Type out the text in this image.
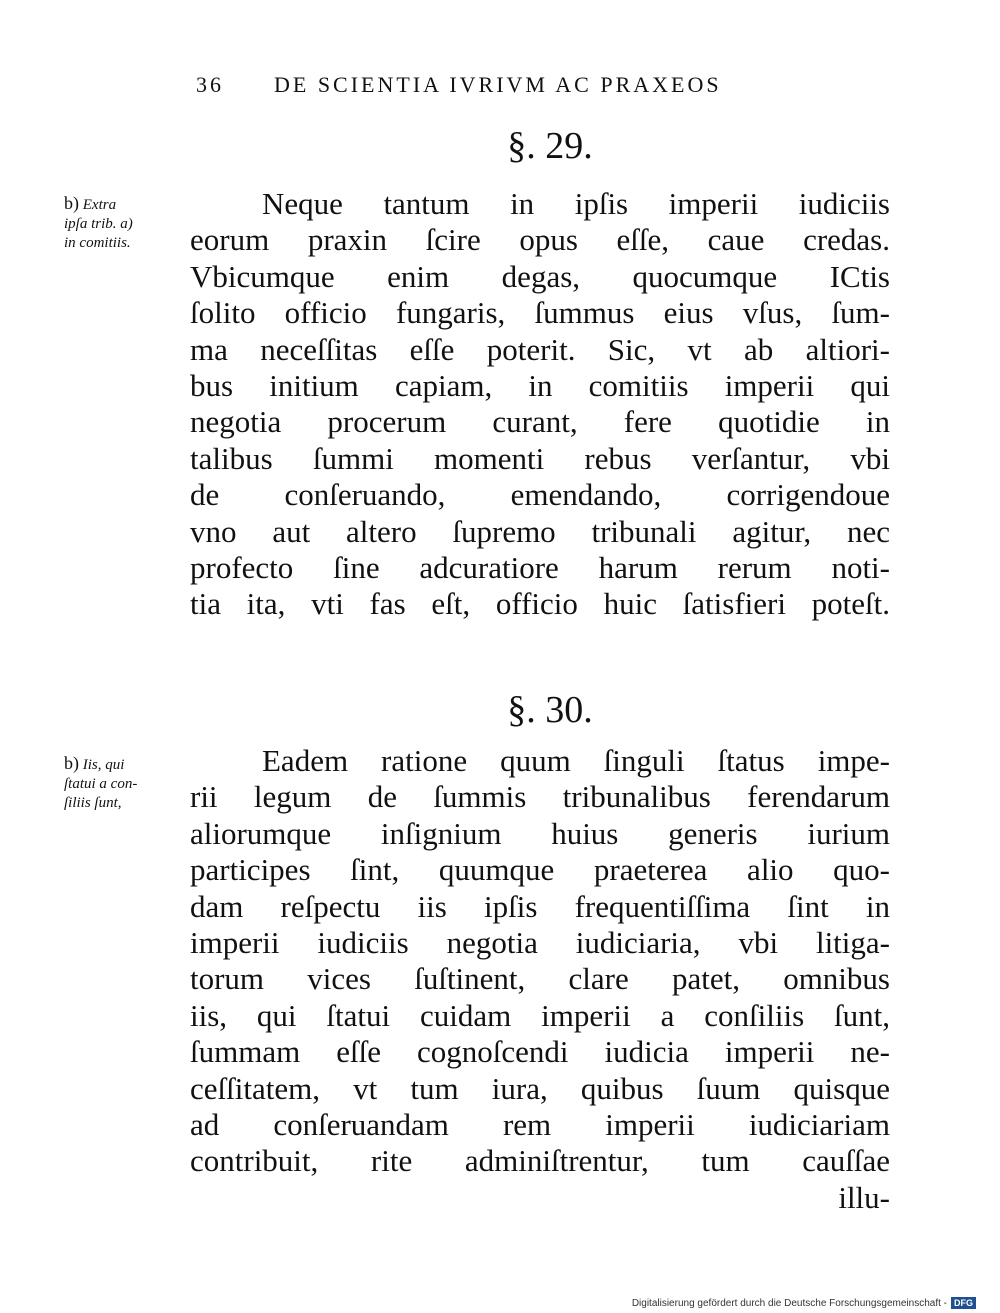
36 DE SCIENTIA IVRIVM AC PRAXEOS
§. 29.
b) Extra
ipſa trib. a)
in comitiis.
Neque tantum in ipſis imperii iudiciis
eorum praxin ſcire opus eſſe, caue credas.
Vbicumque enim degas, quocumque ICtis
ſolito officio fungaris, ſummus eius vſus, ſum-
ma neceſſitas eſſe poterit. Sic, vt ab altiori-
bus initium capiam, in comitiis imperii qui
negotia procerum curant, fere quotidie in
talibus ſummi momenti rebus verſantur, vbi
de conſeruando, emendando, corrigendoue
vno aut altero ſupremo tribunali agitur, nec
profecto ſine adcuratiore harum rerum noti-
tia ita, vti fas eſt, officio huic ſatisfieri poteſt.
§. 30.
b) Iis, qui
ſtatui a con-
ſiliis ſunt,
Eadem ratione quum ſinguli ſtatus impe-
rii legum de ſummis tribunalibus ferendarum
aliorumque inſignium huius generis iurium
participes ſint, quumque praeterea alio quo-
dam reſpectu iis ipſis frequentiſſima ſint in
imperii iudiciis negotia iudiciaria, vbi litiga-
torum vices ſuſtinent, clare patet, omnibus
iis, qui ſtatui cuidam imperii a conſiliis ſunt,
ſummam eſſe cognoſcendi iudicia imperii ne-
ceſſitatem, vt tum iura, quibus ſuum quisque
ad conſeruandam rem imperii iudiciariam
contribuit, rite adminiſtrentur, tum cauſſae
illu-
Digitalisierung gefördert durch die Deutsche Forschungsgemeinschaft - DFG
